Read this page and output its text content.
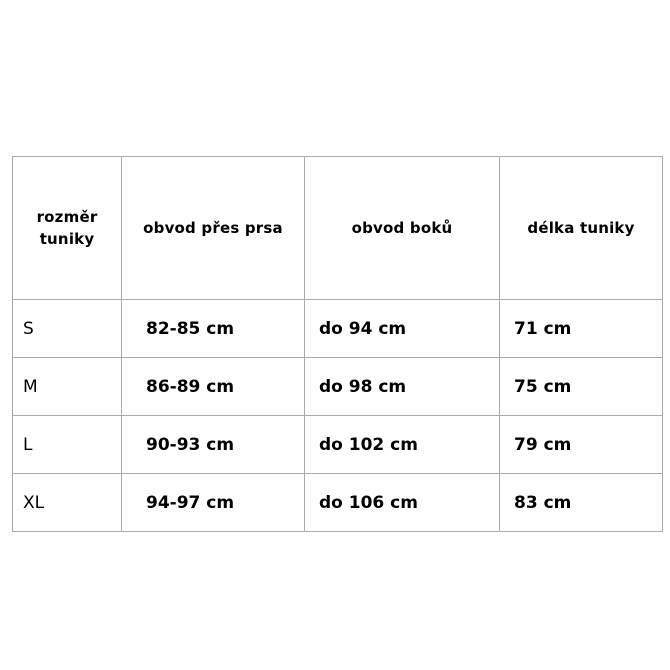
rozměr tuniky	obvod přes prsa	obvod boků	délka tuniky

S	82-85 cm	do 94 cm	71 cm
M	86-89 cm	do 98 cm	75 cm
L	90-93 cm	do 102 cm	79 cm
XL	94-97 cm	do 106 cm	83 cm
